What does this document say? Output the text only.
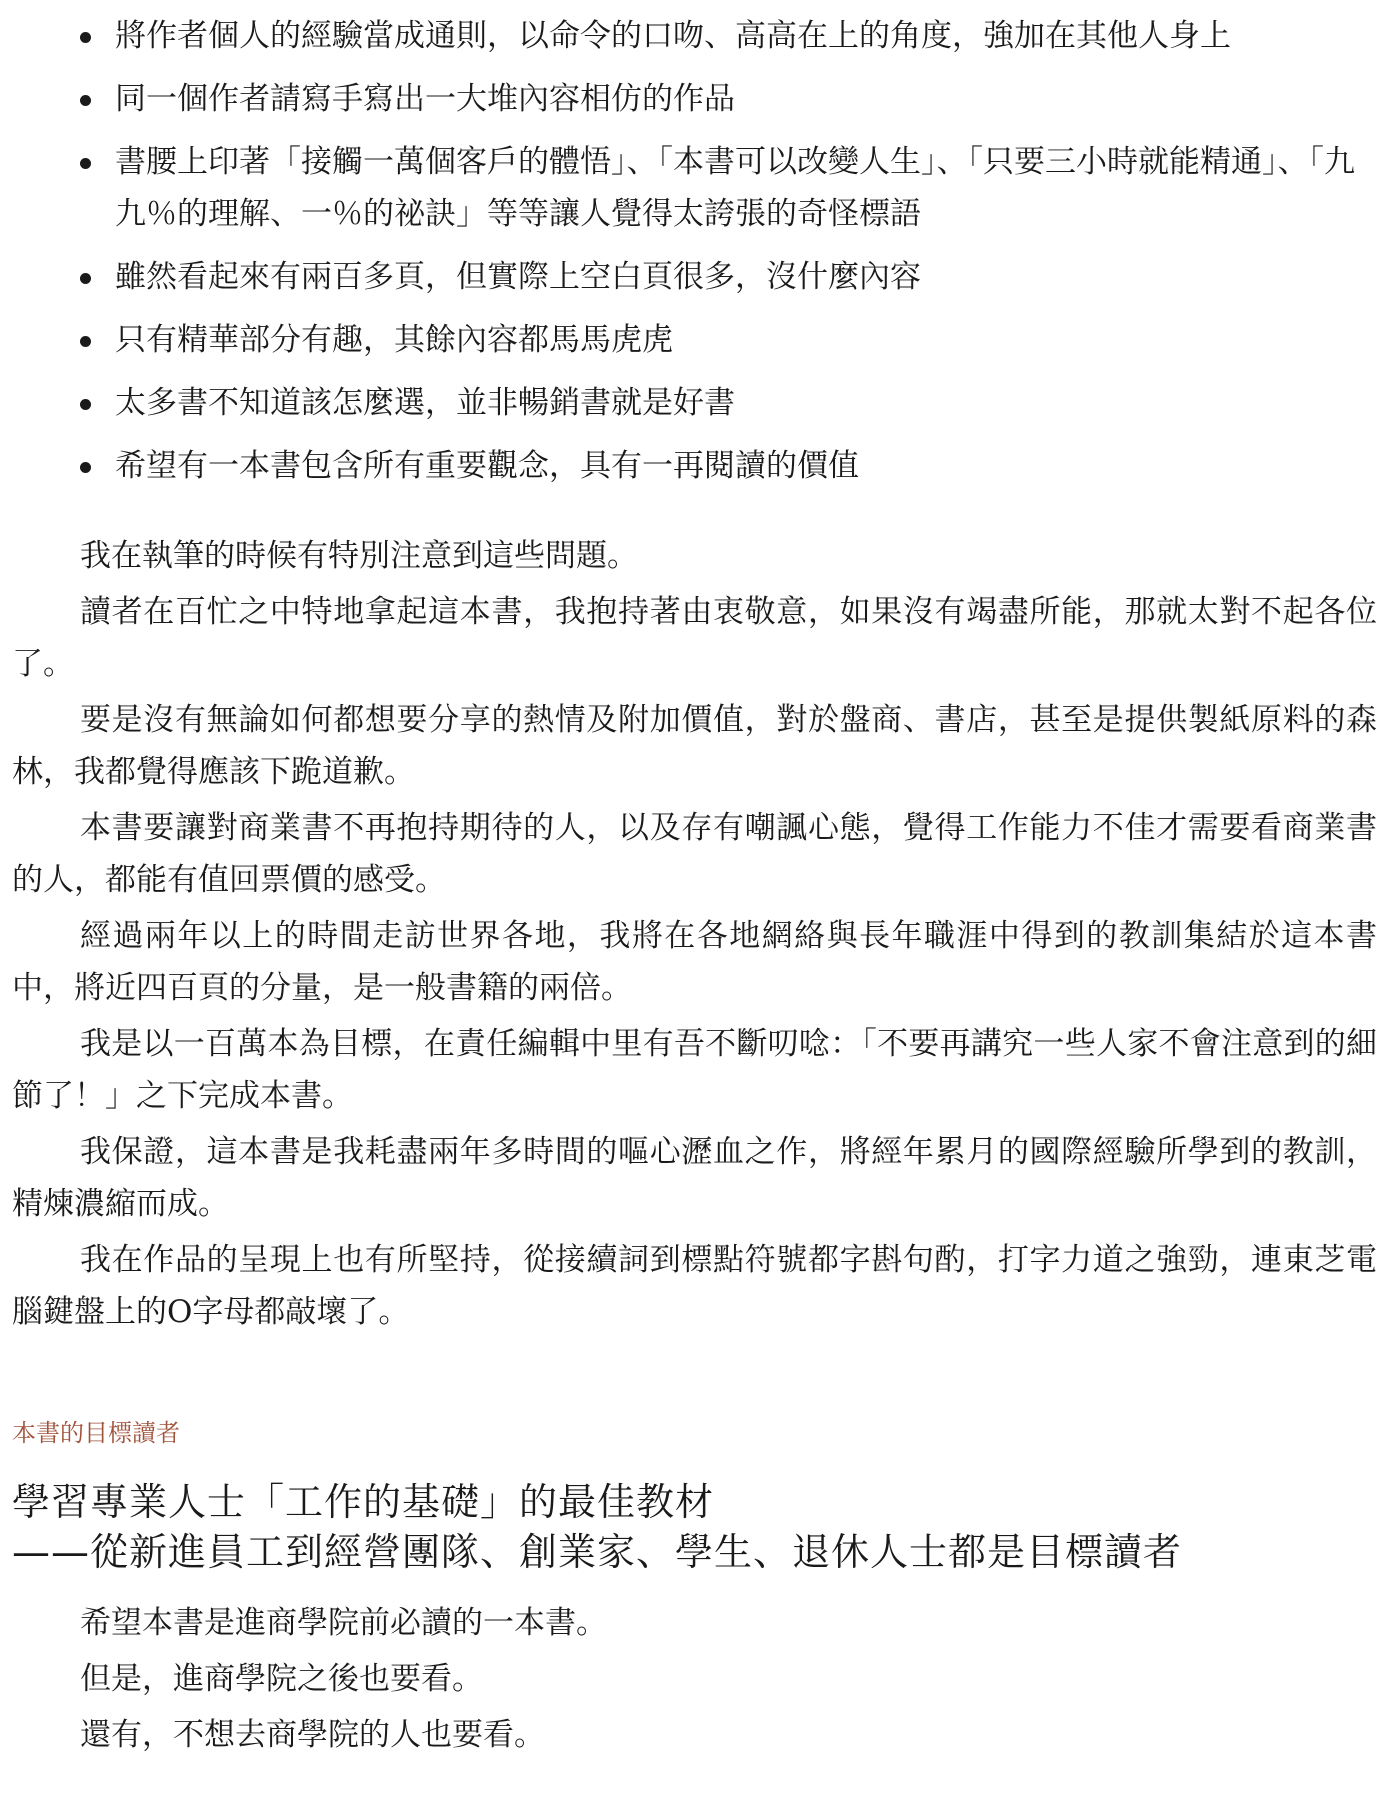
將作者個人的經驗當成通則，以命令的口吻、高高在上的角度，強加在其他人身上
同一個作者請寫手寫出一大堆內容相仿的作品
書腰上印著「接觸一萬個客戶的體悟」、「本書可以改變人生」、「只要三小時就能精通」、「九九％的理解、一％的祕訣」等等讓人覺得太誇張的奇怪標語
雖然看起來有兩百多頁，但實際上空白頁很多，沒什麼內容
只有精華部分有趣，其餘內容都馬馬虎虎
太多書不知道該怎麼選，並非暢銷書就是好書
希望有一本書包含所有重要觀念，具有一再閱讀的價值

我在執筆的時候有特別注意到這些問題。

讀者在百忙之中特地拿起這本書，我抱持著由衷敬意，如果沒有竭盡所能，那就太對不起各位了。

要是沒有無論如何都想要分享的熱情及附加價值，對於盤商、書店，甚至是提供製紙原料的森林，我都覺得應該下跪道歉。

本書要讓對商業書不再抱持期待的人，以及存有嘲諷心態，覺得工作能力不佳才需要看商業書的人，都能有值回票價的感受。

經過兩年以上的時間走訪世界各地，我將在各地網絡與長年職涯中得到的教訓集結於這本書中，將近四百頁的分量，是一般書籍的兩倍。

我是以一百萬本為目標，在責任編輯中里有吾不斷叨唸：「不要再講究一些人家不會注意到的細節了！」之下完成本書。

我保證，這本書是我耗盡兩年多時間的嘔心瀝血之作，將經年累月的國際經驗所學到的教訓，精煉濃縮而成。

我在作品的呈現上也有所堅持，從接續詞到標點符號都字斟句酌，打字力道之強勁，連東芝電腦鍵盤上的O字母都敲壞了。

本書的目標讀者
學習專業人士「工作的基礎」的最佳教材
——從新進員工到經營團隊、創業家、學生、退休人士都是目標讀者

希望本書是進商學院前必讀的一本書。

但是，進商學院之後也要看。

還有，不想去商學院的人也要看。
